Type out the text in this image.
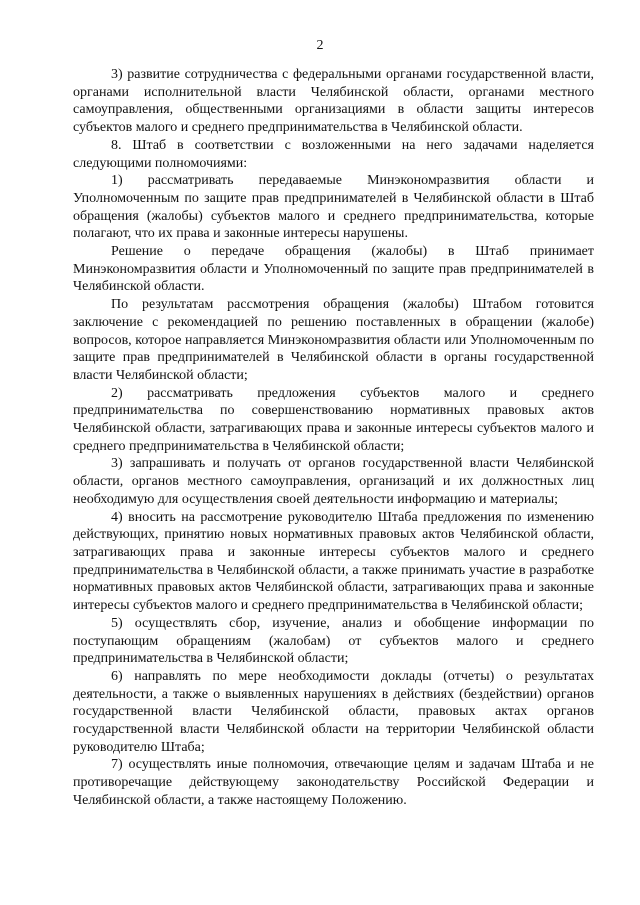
2

3) развитие сотрудничества с федеральными органами государственной власти, органами исполнительной власти Челябинской области, органами местного самоуправления, общественными организациями в области защиты интересов субъектов малого и среднего предпринимательства в Челябинской области.

8. Штаб в соответствии с возложенными на него задачами наделяется следующими полномочиями:

1) рассматривать передаваемые Минэкономразвития области и Уполномоченным по защите прав предпринимателей в Челябинской области в Штаб обращения (жалобы) субъектов малого и среднего предпринимательства, которые полагают, что их права и законные интересы нарушены.

Решение о передаче обращения (жалобы) в Штаб принимает Минэкономразвития области и Уполномоченный по защите прав предпринимателей в Челябинской области.

По результатам рассмотрения обращения (жалобы) Штабом готовится заключение с рекомендацией по решению поставленных в обращении (жалобе) вопросов, которое направляется Минэкономразвития области или Уполномоченным по защите прав предпринимателей в Челябинской области в органы государственной власти Челябинской области;

2) рассматривать предложения субъектов малого и среднего предпринимательства по совершенствованию нормативных правовых актов Челябинской области, затрагивающих права и законные интересы субъектов малого и среднего предпринимательства в Челябинской области;

3) запрашивать и получать от органов государственной власти Челябинской области, органов местного самоуправления, организаций и их должностных лиц необходимую для осуществления своей деятельности информацию и материалы;

4) вносить на рассмотрение руководителю Штаба предложения по изменению действующих, принятию новых нормативных правовых актов Челябинской области, затрагивающих права и законные интересы субъектов малого и среднего предпринимательства в Челябинской области, а также принимать участие в разработке нормативных правовых актов Челябинской области, затрагивающих права и законные интересы субъектов малого и среднего предпринимательства в Челябинской области;

5) осуществлять сбор, изучение, анализ и обобщение информации по поступающим обращениям (жалобам) от субъектов малого и среднего предпринимательства в Челябинской области;

6) направлять по мере необходимости доклады (отчеты) о результатах деятельности, а также о выявленных нарушениях в действиях (бездействии) органов государственной власти Челябинской области, правовых актах органов государственной власти Челябинской области на территории Челябинской области руководителю Штаба;

7) осуществлять иные полномочия, отвечающие целям и задачам Штаба и не противоречащие действующему законодательству Российской Федерации и Челябинской области, а также настоящему Положению.
